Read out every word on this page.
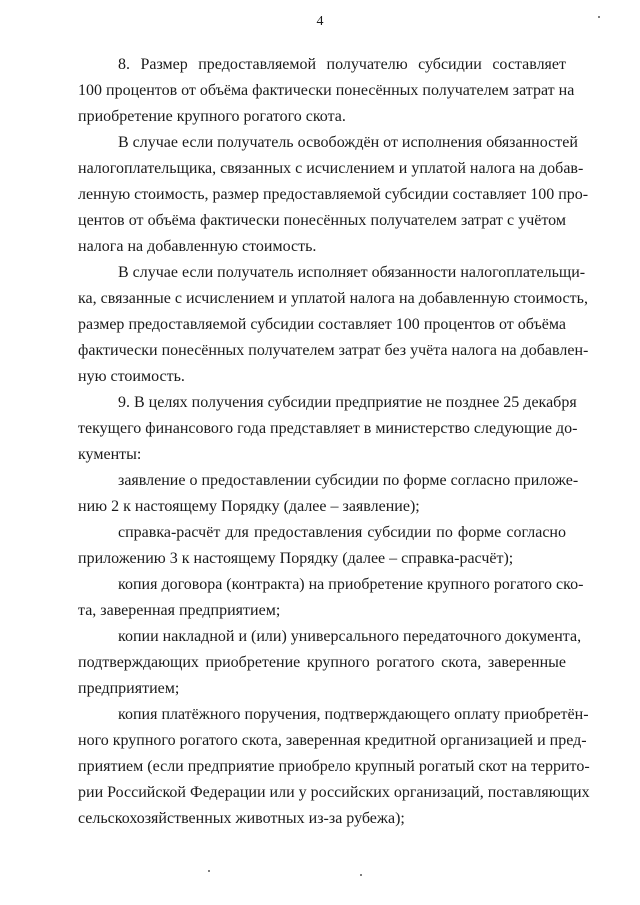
4
8. Размер предоставляемой получателю субсидии составляет
100 процентов от объёма фактически понесённых получателем затрат на
приобретение крупного рогатого скота.
В случае если получатель освобождён от исполнения обязанностей
налогоплательщика, связанных с исчислением и уплатой налога на добав-
ленную стоимость, размер предоставляемой субсидии составляет 100 про-
центов от объёма фактически понесённых получателем затрат с учётом
налога на добавленную стоимость.
В случае если получатель исполняет обязанности налогоплательщи-
ка, связанные с исчислением и уплатой налога на добавленную стоимость,
размер предоставляемой субсидии составляет 100 процентов от объёма
фактически понесённых получателем затрат без учёта налога на добавлен-
ную стоимость.
9. В целях получения субсидии предприятие не позднее 25 декабря
текущего финансового года представляет в министерство следующие до-
кументы:
заявление о предоставлении субсидии по форме согласно приложе-
нию 2 к настоящему Порядку (далее – заявление);
справка-расчёт для предоставления субсидии по форме согласно
приложению 3 к настоящему Порядку (далее – справка-расчёт);
копия договора (контракта) на приобретение крупного рогатого ско-
та, заверенная предприятием;
копии накладной и (или) универсального передаточного документа,
подтверждающих приобретение крупного рогатого скота, заверенные
предприятием;
копия платёжного поручения, подтверждающего оплату приобретён-
ного крупного рогатого скота, заверенная кредитной организацией и пред-
приятием (если предприятие приобрело крупный рогатый скот на террито-
рии Российской Федерации или у российских организаций, поставляющих
сельскохозяйственных животных из-за рубежа);
